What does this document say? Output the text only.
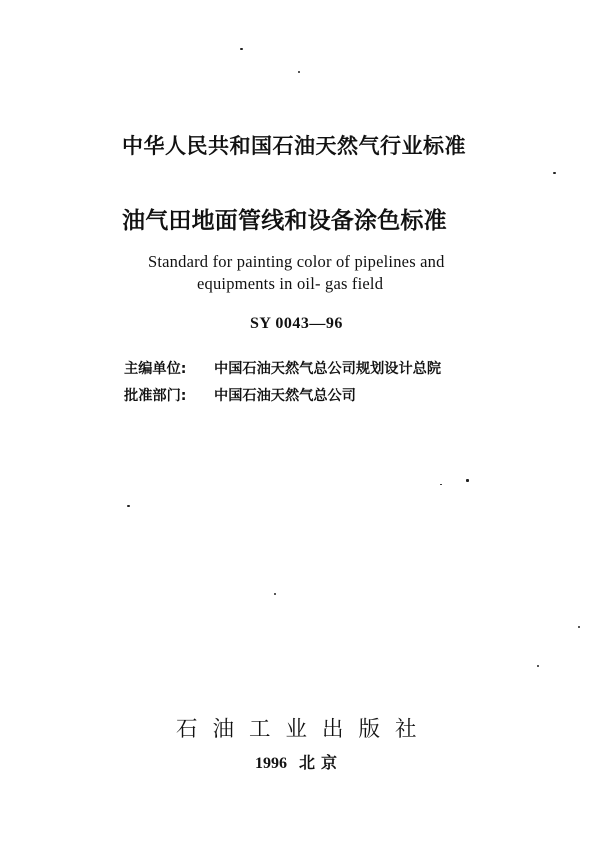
中华人民共和国石油天然气行业标准
油气田地面管线和设备涂色标准
Standard for painting color of pipelines and
equipments in oil- gas field
SY 0043—96
主编单位: 中国石油天然气总公司规划设计总院
批准部门: 中国石油天然气总公司
石油工业出版社
1996 北京
